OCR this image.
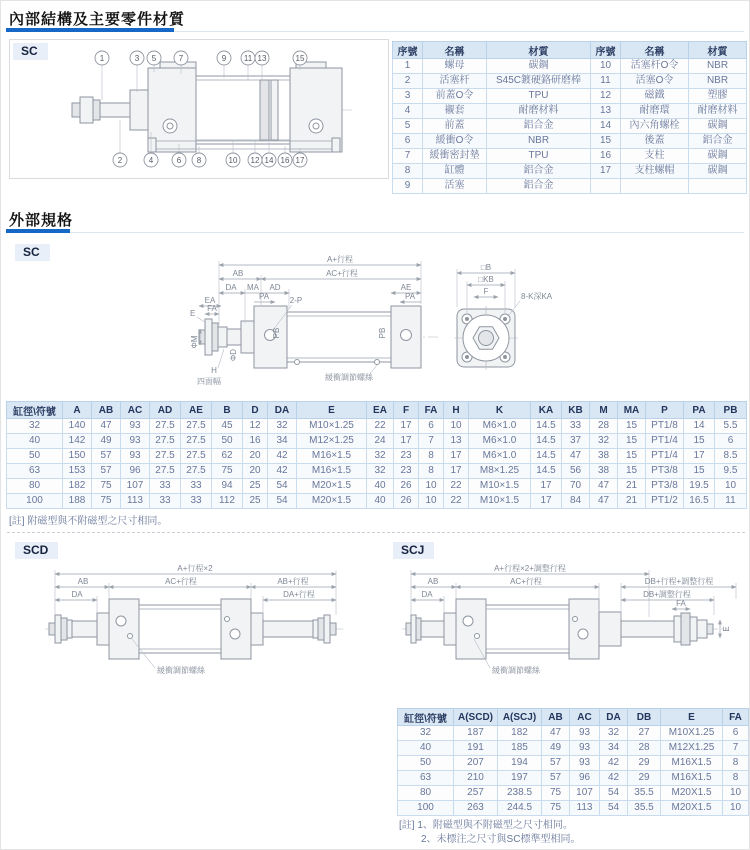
內部結構及主要零件材質
SC
1	3 5	7	9 11 13	15
2	4	6 8	10 12 14 16 17
序號	名稱	材質	序號	名稱	材質
1	螺母	碳鋼	10	活塞杆O令	NBR
2	活塞杆	S45C鍍硬鉻研磨棒	11	活塞O令	NBR
3	前蓋O令	TPU	12	磁鐵	塑膠
4	襯套	耐磨材料	13	耐磨環	耐磨材料
5	前蓋	鋁合金	14	內六角螺栓	碳鋼
6	緩衝O令	NBR	15	後蓋	鋁合金
7	緩衝密封墊	TPU	16	支柱	碳鋼
8	缸體	鋁合金	17	支柱螺帽	碳鋼
9	活塞	鋁合金			
外部規格
SC
A+行程
AB	AC+行程
DA MA AD	AE
PA	PA
EA
FA
E
2-P
PB	PB
ΦM
ΦD
H
四面幅	緩衝調節螺絲
□B
□KB
F
8-K深KA
缸徑\符號	A	AB	AC	AD	AE	B	D	DA	E	EA	F	FA	H	K	KA	KB	M	MA	P	PA	PB
32	140	47	93	27.5	27.5	45	12	32	M10×1.25	22	17	6	10	M6×1.0	14.5	33	28	15	PT1/8	14	5.5
40	142	49	93	27.5	27.5	50	16	34	M12×1.25	24	17	7	13	M6×1.0	14.5	37	32	15	PT1/4	15	6
50	150	57	93	27.5	27.5	62	20	42	M16×1.5	32	23	8	17	M6×1.0	14.5	47	38	15	PT1/4	17	8.5
63	153	57	96	27.5	27.5	75	20	42	M16×1.5	32	23	8	17	M8×1.25	14.5	56	38	15	PT3/8	15	9.5
80	182	75	107	33	33	94	25	54	M20×1.5	40	26	10	22	M10×1.5	17	70	47	21	PT3/8	19.5	10
100	188	75	113	33	33	112	25	54	M20×1.5	40	26	10	22	M10×1.5	17	84	47	21	PT1/2	16.5	11
[註] 附磁型與不附磁型之尺寸相同。
SCD	SCJ
A+行程×2
AB	AC+行程	AB+行程
DA	DA+行程
緩衝調節螺絲
A+行程×2+調整行程
AB	AC+行程	DB+行程+調整行程
DA	DB+調整行程
FA
E
緩衝調節螺絲
缸徑\符號	A(SCD)	A(SCJ)	AB	AC	DA	DB	E	FA
32	187	182	47	93	32	27	M10X1.25	6
40	191	185	49	93	34	28	M12X1.25	7
50	207	194	57	93	42	29	M16X1.5	8
63	210	197	57	96	42	29	M16X1.5	8
80	257	238.5	75	107	54	35.5	M20X1.5	10
100	263	244.5	75	113	54	35.5	M20X1.5	10
[註] 1、附磁型與不附磁型之尺寸相同。
2、未標注之尺寸與SC標準型相同。
